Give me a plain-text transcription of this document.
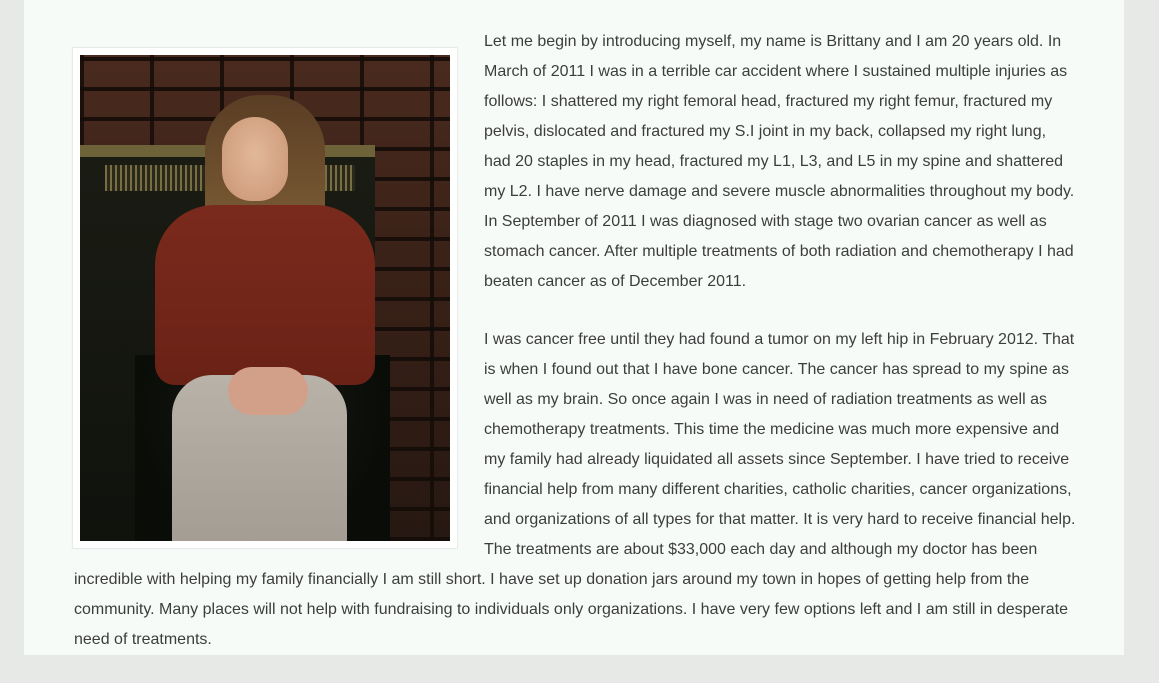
Let me begin by introducing myself, my name is Brittany and I am 20 years old. In March of 2011 I was in a terrible car accident where I sustained multiple injuries as follows: I shattered my right femoral head, fractured my right femur, fractured my pelvis, dislocated and fractured my S.I joint in my back, collapsed my right lung, had 20 staples in my head, fractured my L1, L3, and L5 in my spine and shattered my L2. I have nerve damage and severe muscle abnormalities throughout my body. In September of 2011 I was diagnosed with stage two ovarian cancer as well as stomach cancer. After multiple treatments of both radiation and chemotherapy I had beaten cancer as of December 2011.

I was cancer free until they had found a tumor on my left hip in February 2012. That is when I found out that I have bone cancer. The cancer has spread to my spine as well as my brain. So once again I was in need of radiation treatments as well as chemotherapy treatments. This time the medicine was much more expensive and my family had already liquidated all assets since September. I have tried to receive financial help from many different charities, catholic charities, cancer organizations, and organizations of all types for that matter. It is very hard to receive financial help. The treatments are about $33,000 each day and although my doctor has been incredible with helping my family financially I am still short. I have set up donation jars around my town in hopes of getting help from the community. Many places will not help with fundraising to individuals only organizations. I have very few options left and I am still in desperate need of treatments.
